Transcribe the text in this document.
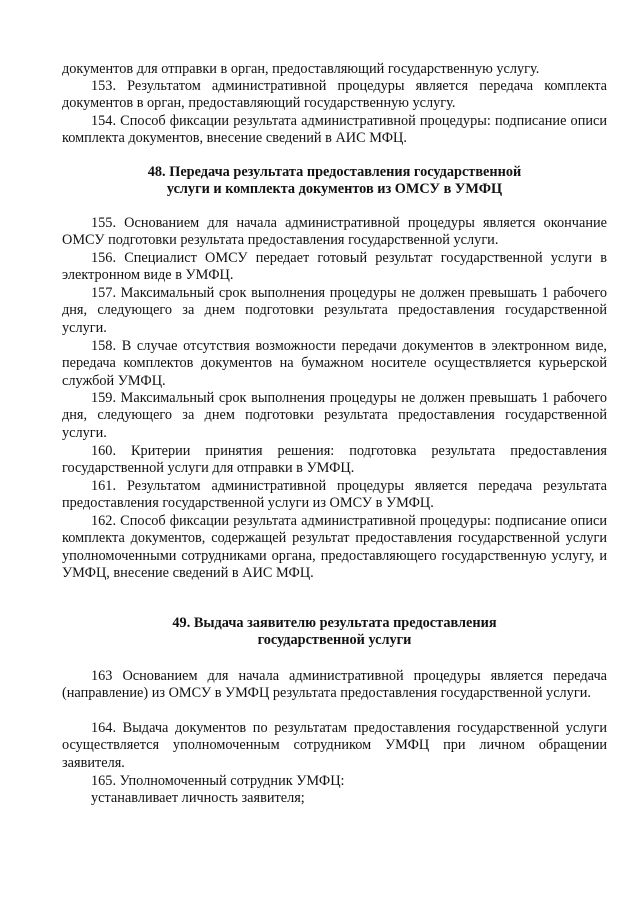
документов для отправки в орган, предоставляющий государственную услугу.
153. Результатом административной процедуры является передача комплекта документов в орган, предоставляющий государственную услугу.
154. Способ фиксации результата административной процедуры: подписание описи комплекта документов, внесение сведений в АИС МФЦ.
48. Передача результата предоставления государственной
услуги и комплекта документов из ОМСУ в УМФЦ
155. Основанием для начала административной процедуры является окончание ОМСУ подготовки результата предоставления государственной услуги.
156. Специалист ОМСУ передает готовый результат государственной услуги в электронном виде в УМФЦ.
157. Максимальный срок выполнения процедуры не должен превышать 1 рабочего дня, следующего за днем подготовки результата предоставления государственной услуги.
158. В случае отсутствия возможности передачи документов в электронном виде, передача комплектов документов на бумажном носителе осуществляется курьерской службой УМФЦ.
159. Максимальный срок выполнения процедуры не должен превышать 1 рабочего дня, следующего за днем подготовки результата предоставления государственной услуги.
160. Критерии принятия решения: подготовка результата предоставления государственной услуги для отправки в УМФЦ.
161. Результатом административной процедуры является передача результата предоставления государственной услуги из ОМСУ в УМФЦ.
162. Способ фиксации результата административной процедуры: подписание описи комплекта документов, содержащей результат предоставления государственной услуги уполномоченными сотрудниками органа, предоставляющего государственную услугу, и УМФЦ, внесение сведений в АИС МФЦ.
49. Выдача заявителю результата предоставления
государственной услуги
163 Основанием для начала административной процедуры является передача (направление) из ОМСУ в УМФЦ результата предоставления государственной услуги.
164. Выдача документов по результатам предоставления государственной услуги осуществляется уполномоченным сотрудником УМФЦ при личном обращении заявителя.
165. Уполномоченный сотрудник УМФЦ:
устанавливает личность заявителя;
